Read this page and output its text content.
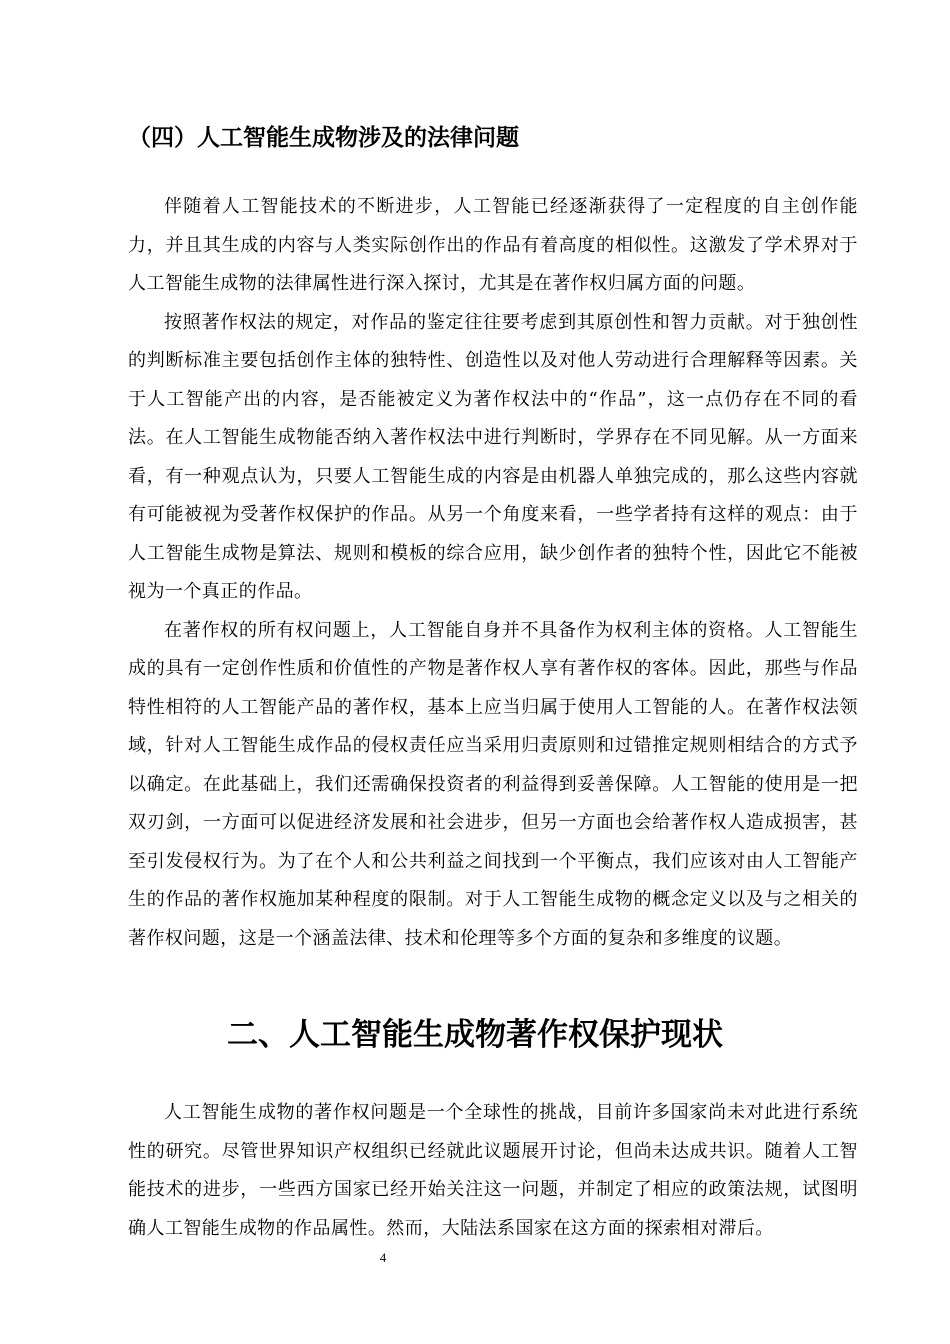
（四）人工智能生成物涉及的法律问题

伴随着人工智能技术的不断进步，人工智能已经逐渐获得了一定程度的自主创作能力，并且其生成的内容与人类实际创作出的作品有着高度的相似性。这激发了学术界对于人工智能生成物的法律属性进行深入探讨，尤其是在著作权归属方面的问题。

按照著作权法的规定，对作品的鉴定往往要考虑到其原创性和智力贡献。对于独创性的判断标准主要包括创作主体的独特性、创造性以及对他人劳动进行合理解释等因素。关于人工智能产出的内容，是否能被定义为著作权法中的“作品”，这一点仍存在不同的看法。在人工智能生成物能否纳入著作权法中进行判断时，学界存在不同见解。从一方面来看，有一种观点认为，只要人工智能生成的内容是由机器人单独完成的，那么这些内容就有可能被视为受著作权保护的作品。从另一个角度来看，一些学者持有这样的观点：由于人工智能生成物是算法、规则和模板的综合应用，缺少创作者的独特个性，因此它不能被视为一个真正的作品。

在著作权的所有权问题上，人工智能自身并不具备作为权利主体的资格。人工智能生成的具有一定创作性质和价值性的产物是著作权人享有著作权的客体。因此，那些与作品特性相符的人工智能产品的著作权，基本上应当归属于使用人工智能的人。在著作权法领域，针对人工智能生成作品的侵权责任应当采用归责原则和过错推定规则相结合的方式予以确定。在此基础上，我们还需确保投资者的利益得到妥善保障。人工智能的使用是一把双刃剑，一方面可以促进经济发展和社会进步，但另一方面也会给著作权人造成损害，甚至引发侵权行为。为了在个人和公共利益之间找到一个平衡点，我们应该对由人工智能产生的作品的著作权施加某种程度的限制。对于人工智能生成物的概念定义以及与之相关的著作权问题，这是一个涵盖法律、技术和伦理等多个方面的复杂和多维度的议题。

二、人工智能生成物著作权保护现状

人工智能生成物的著作权问题是一个全球性的挑战，目前许多国家尚未对此进行系统性的研究。尽管世界知识产权组织已经就此议题展开讨论，但尚未达成共识。随着人工智能技术的进步，一些西方国家已经开始关注这一问题，并制定了相应的政策法规，试图明确人工智能生成物的作品属性。然而，大陆法系国家在这方面的探索相对滞后。

4
